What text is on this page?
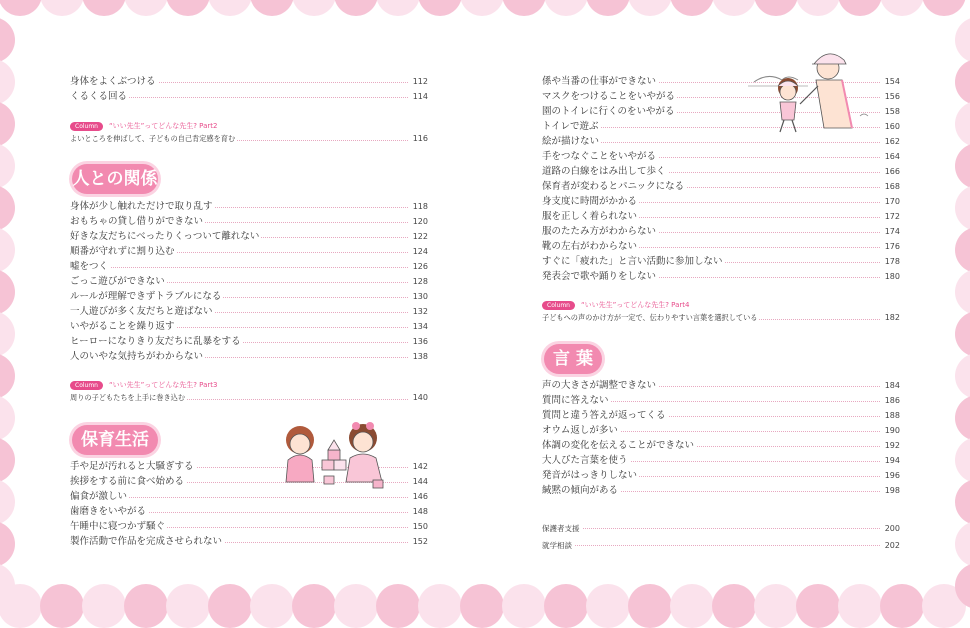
身体をよくぶつける	112
くるくる回る	114
Column “いい先生”ってどんな先生? Part2
よいところを伸ばして、子どもの自己肯定感を育む	116
人との関係
身体が少し触れただけで取り乱す	118
おもちゃの貸し借りができない	120
好きな友だちにべったりくっついて離れない	122
順番が守れずに割り込む	124
嘘をつく	126
ごっこ遊びができない	128
ルールが理解できずトラブルになる	130
一人遊びが多く友だちと遊ばない	132
いやがることを繰り返す	134
ヒーローになりきり友だちに乱暴をする	136
人のいやな気持ちがわからない	138
Column “いい先生”ってどんな先生? Part3
周りの子どもたちを上手に巻き込む	140
保育生活
手や足が汚れると大騒ぎする	142
挨拶をする前に食べ始める	144
偏食が激しい	146
歯磨きをいやがる	148
午睡中に寝つかず騒ぐ	150
製作活動で作品を完成させられない	152
係や当番の仕事ができない	154
マスクをつけることをいやがる	156
園のトイレに行くのをいやがる	158
トイレで遊ぶ	160
絵が描けない	162
手をつなぐことをいやがる	164
道路の白線をはみ出して歩く	166
保育者が変わるとパニックになる	168
身支度に時間がかかる	170
服を正しく着られない	172
服のたたみ方がわからない	174
靴の左右がわからない	176
すぐに「疲れた」と言い活動に参加しない	178
発表会で歌や踊りをしない	180
Column “いい先生”ってどんな先生? Part4
子どもへの声のかけ方が一定で、伝わりやすい言葉を選択している	182
言 葉
声の大きさが調整できない	184
質問に答えない	186
質問と違う答えが返ってくる	188
オウム返しが多い	190
体調の変化を伝えることができない	192
大人びた言葉を使う	194
発音がはっきりしない	196
緘黙の傾向がある	198
保護者支援	200
就学相談	202
